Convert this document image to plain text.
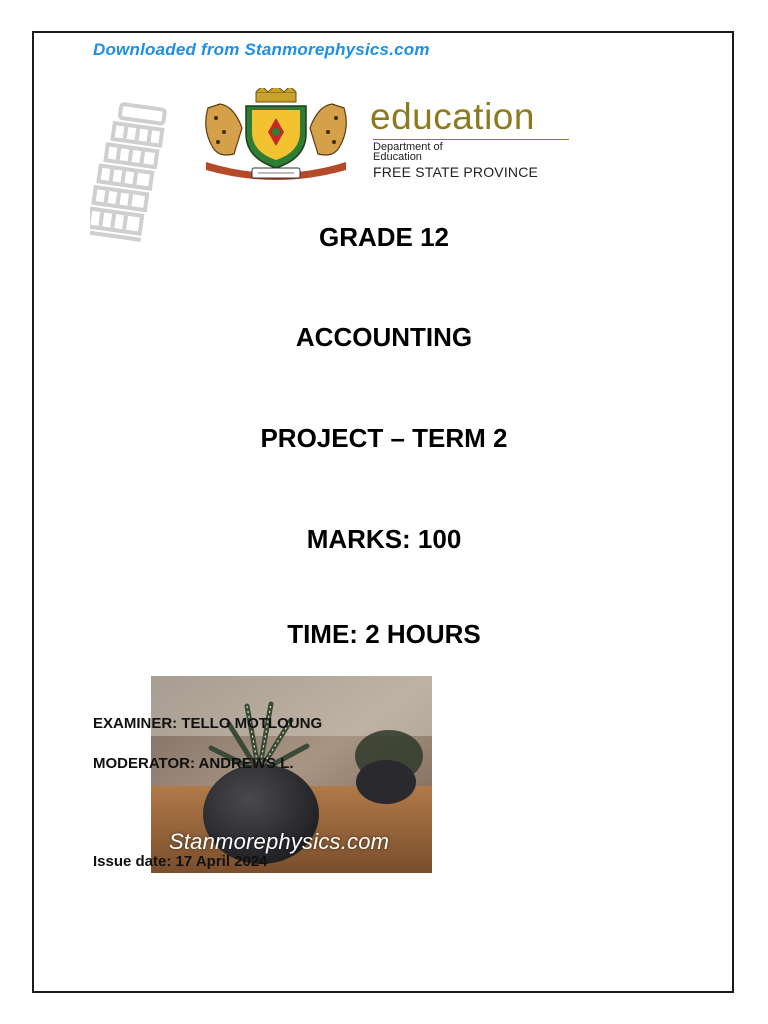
Downloaded from Stanmorephysics.com
education
Department of
Education
FREE STATE PROVINCE
GRADE 12
ACCOUNTING
PROJECT – TERM 2
MARKS: 100
TIME: 2 HOURS
Stanmorephysics.com
EXAMINER: TELLO MOTLOUNG
MODERATOR: ANDREWS L.
Issue date: 17 April 2024
